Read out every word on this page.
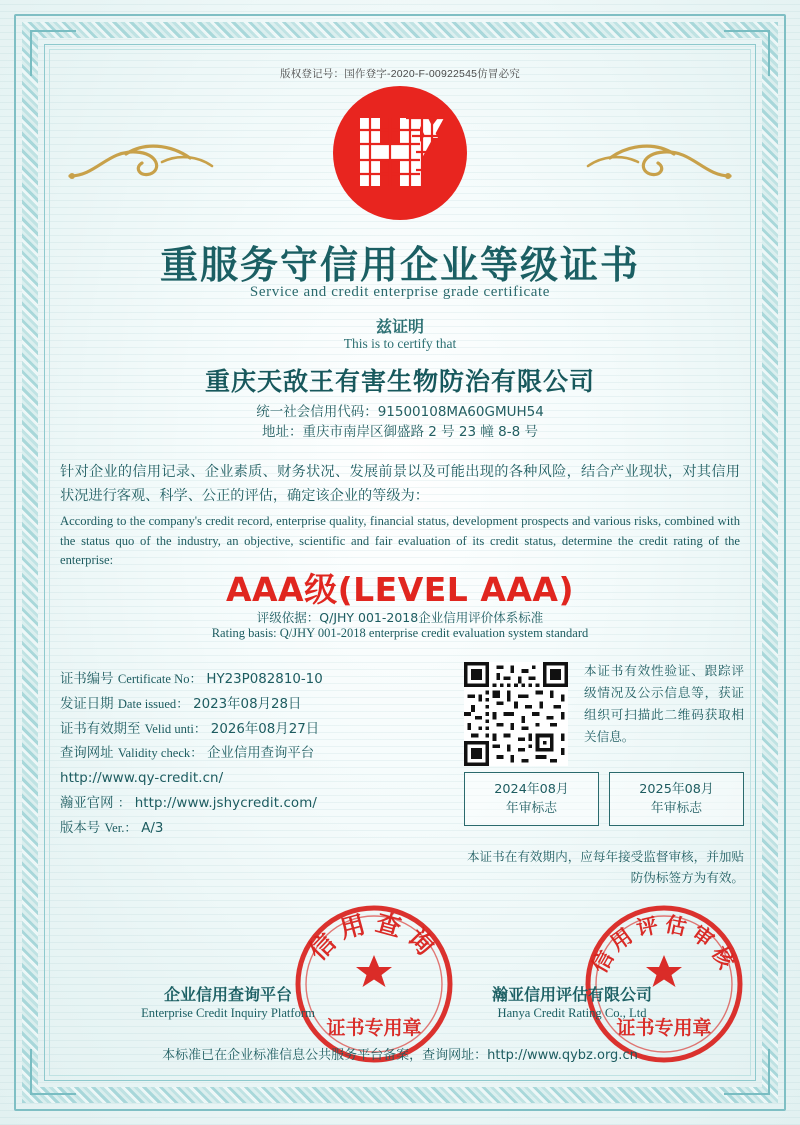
版权登记号：国作登字-2020-F-00922545仿冒必究
重服务守信用企业等级证书
Service and credit enterprise grade certificate
兹证明
This is to certify that
重庆天敌王有害生物防治有限公司
统一社会信用代码：91500108MA60GMUH54
地址：重庆市南岸区御盛路 2 号 23 幢 8-8 号
针对企业的信用记录、企业素质、财务状况、发展前景以及可能出现的各种风险，结合产业现状，对其信用状况进行客观、科学、公正的评估，确定该企业的等级为：
According to the company's credit record, enterprise quality, financial status, development prospects and various risks, combined with the status quo of the industry, an objective, scientific and fair evaluation of its credit status, determine the credit rating of the enterprise:
AAA级(LEVEL AAA)
评级依据：Q/JHY 001-2018企业信用评价体系标准
Rating basis: Q/JHY 001-2018 enterprise credit evaluation system standard
证书编号 Certificate No： HY23P082810-10
发证日期 Date issued： 2023年08月28日
证书有效期至 Velid unti： 2026年08月27日
查询网址 Validity check： 企业信用查询平台
http://www.qy-credit.cn/
瀚亚官网 ： http://www.jshycredit.com/
版本号 Ver.： A/3
本证书有效性验证、跟踪评级情况及公示信息等，获证组织可扫描此二维码获取相关信息。
2024年08月
年审标志
2025年08月
年审标志
本证书在有效期内，应每年接受监督审核，并加贴防伪标签方为有效。
信用查询
证书专用章
信用评估审核
证书专用章
企业信用查询平台	瀚亚信用评估有限公司
Enterprise Credit Inquiry Platform	Hanya Credit Rating Co., Ltd
本标准已在企业标准信息公共服务平台备案，查询网址：http://www.qybz.org.cn
